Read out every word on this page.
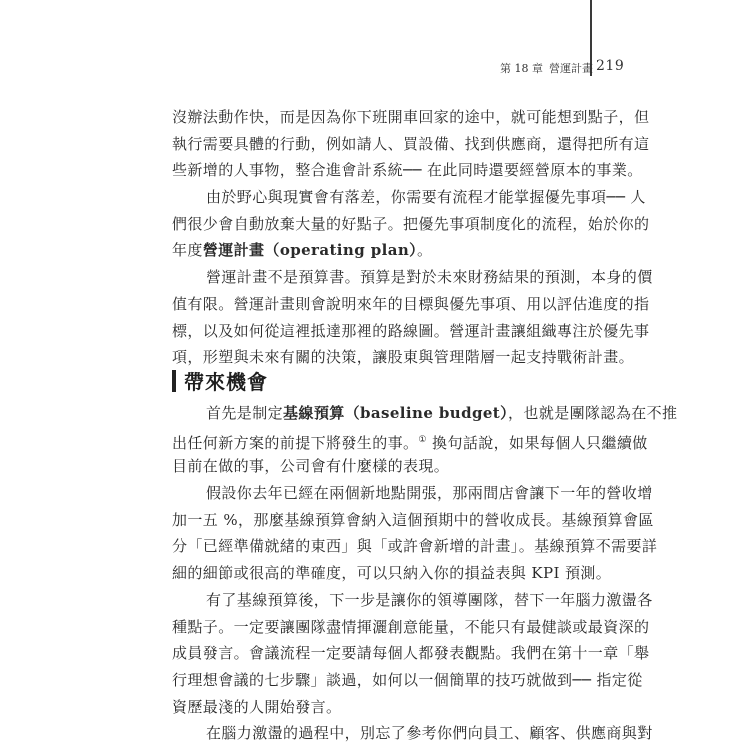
第 18 章 營運計畫 219
沒辦法動作快，而是因為你下班開車回家的途中，就可能想到點子，但
執行需要具體的行動，例如請人、買設備、找到供應商，還得把所有這
些新增的人事物，整合進會計系統── 在此同時還要經營原本的事業。
由於野心與現實會有落差，你需要有流程才能掌握優先事項── 人
們很少會自動放棄大量的好點子。把優先事項制度化的流程，始於你的
年度營運計畫（operating plan）。
營運計畫不是預算書。預算是對於未來財務結果的預測，本身的價
值有限。營運計畫則會說明來年的目標與優先事項、用以評估進度的指
標，以及如何從這裡抵達那裡的路線圖。營運計畫讓組織專注於優先事
項，形塑與未來有關的決策，讓股東與管理階層一起支持戰術計畫。
帶來機會
首先是制定基線預算（baseline budget），也就是團隊認為在不推
出任何新方案的前提下將發生的事。① 換句話說，如果每個人只繼續做
目前在做的事，公司會有什麼樣的表現。
假設你去年已經在兩個新地點開張，那兩間店會讓下一年的營收增
加一五 %，那麼基線預算會納入這個預期中的營收成長。基線預算會區
分「已經準備就緒的東西」與「或許會新增的計畫」。基線預算不需要詳
細的細節或很高的準確度，可以只納入你的損益表與 KPI 預測。
有了基線預算後，下一步是讓你的領導團隊，替下一年腦力激盪各
種點子。一定要讓團隊盡情揮灑創意能量，不能只有最健談或最資深的
成員發言。會議流程一定要請每個人都發表觀點。我們在第十一章「舉
行理想會議的七步驟」談過，如何以一個簡單的技巧就做到── 指定從
資歷最淺的人開始發言。
在腦力激盪的過程中，別忘了參考你們向員工、顧客、供應商與對
